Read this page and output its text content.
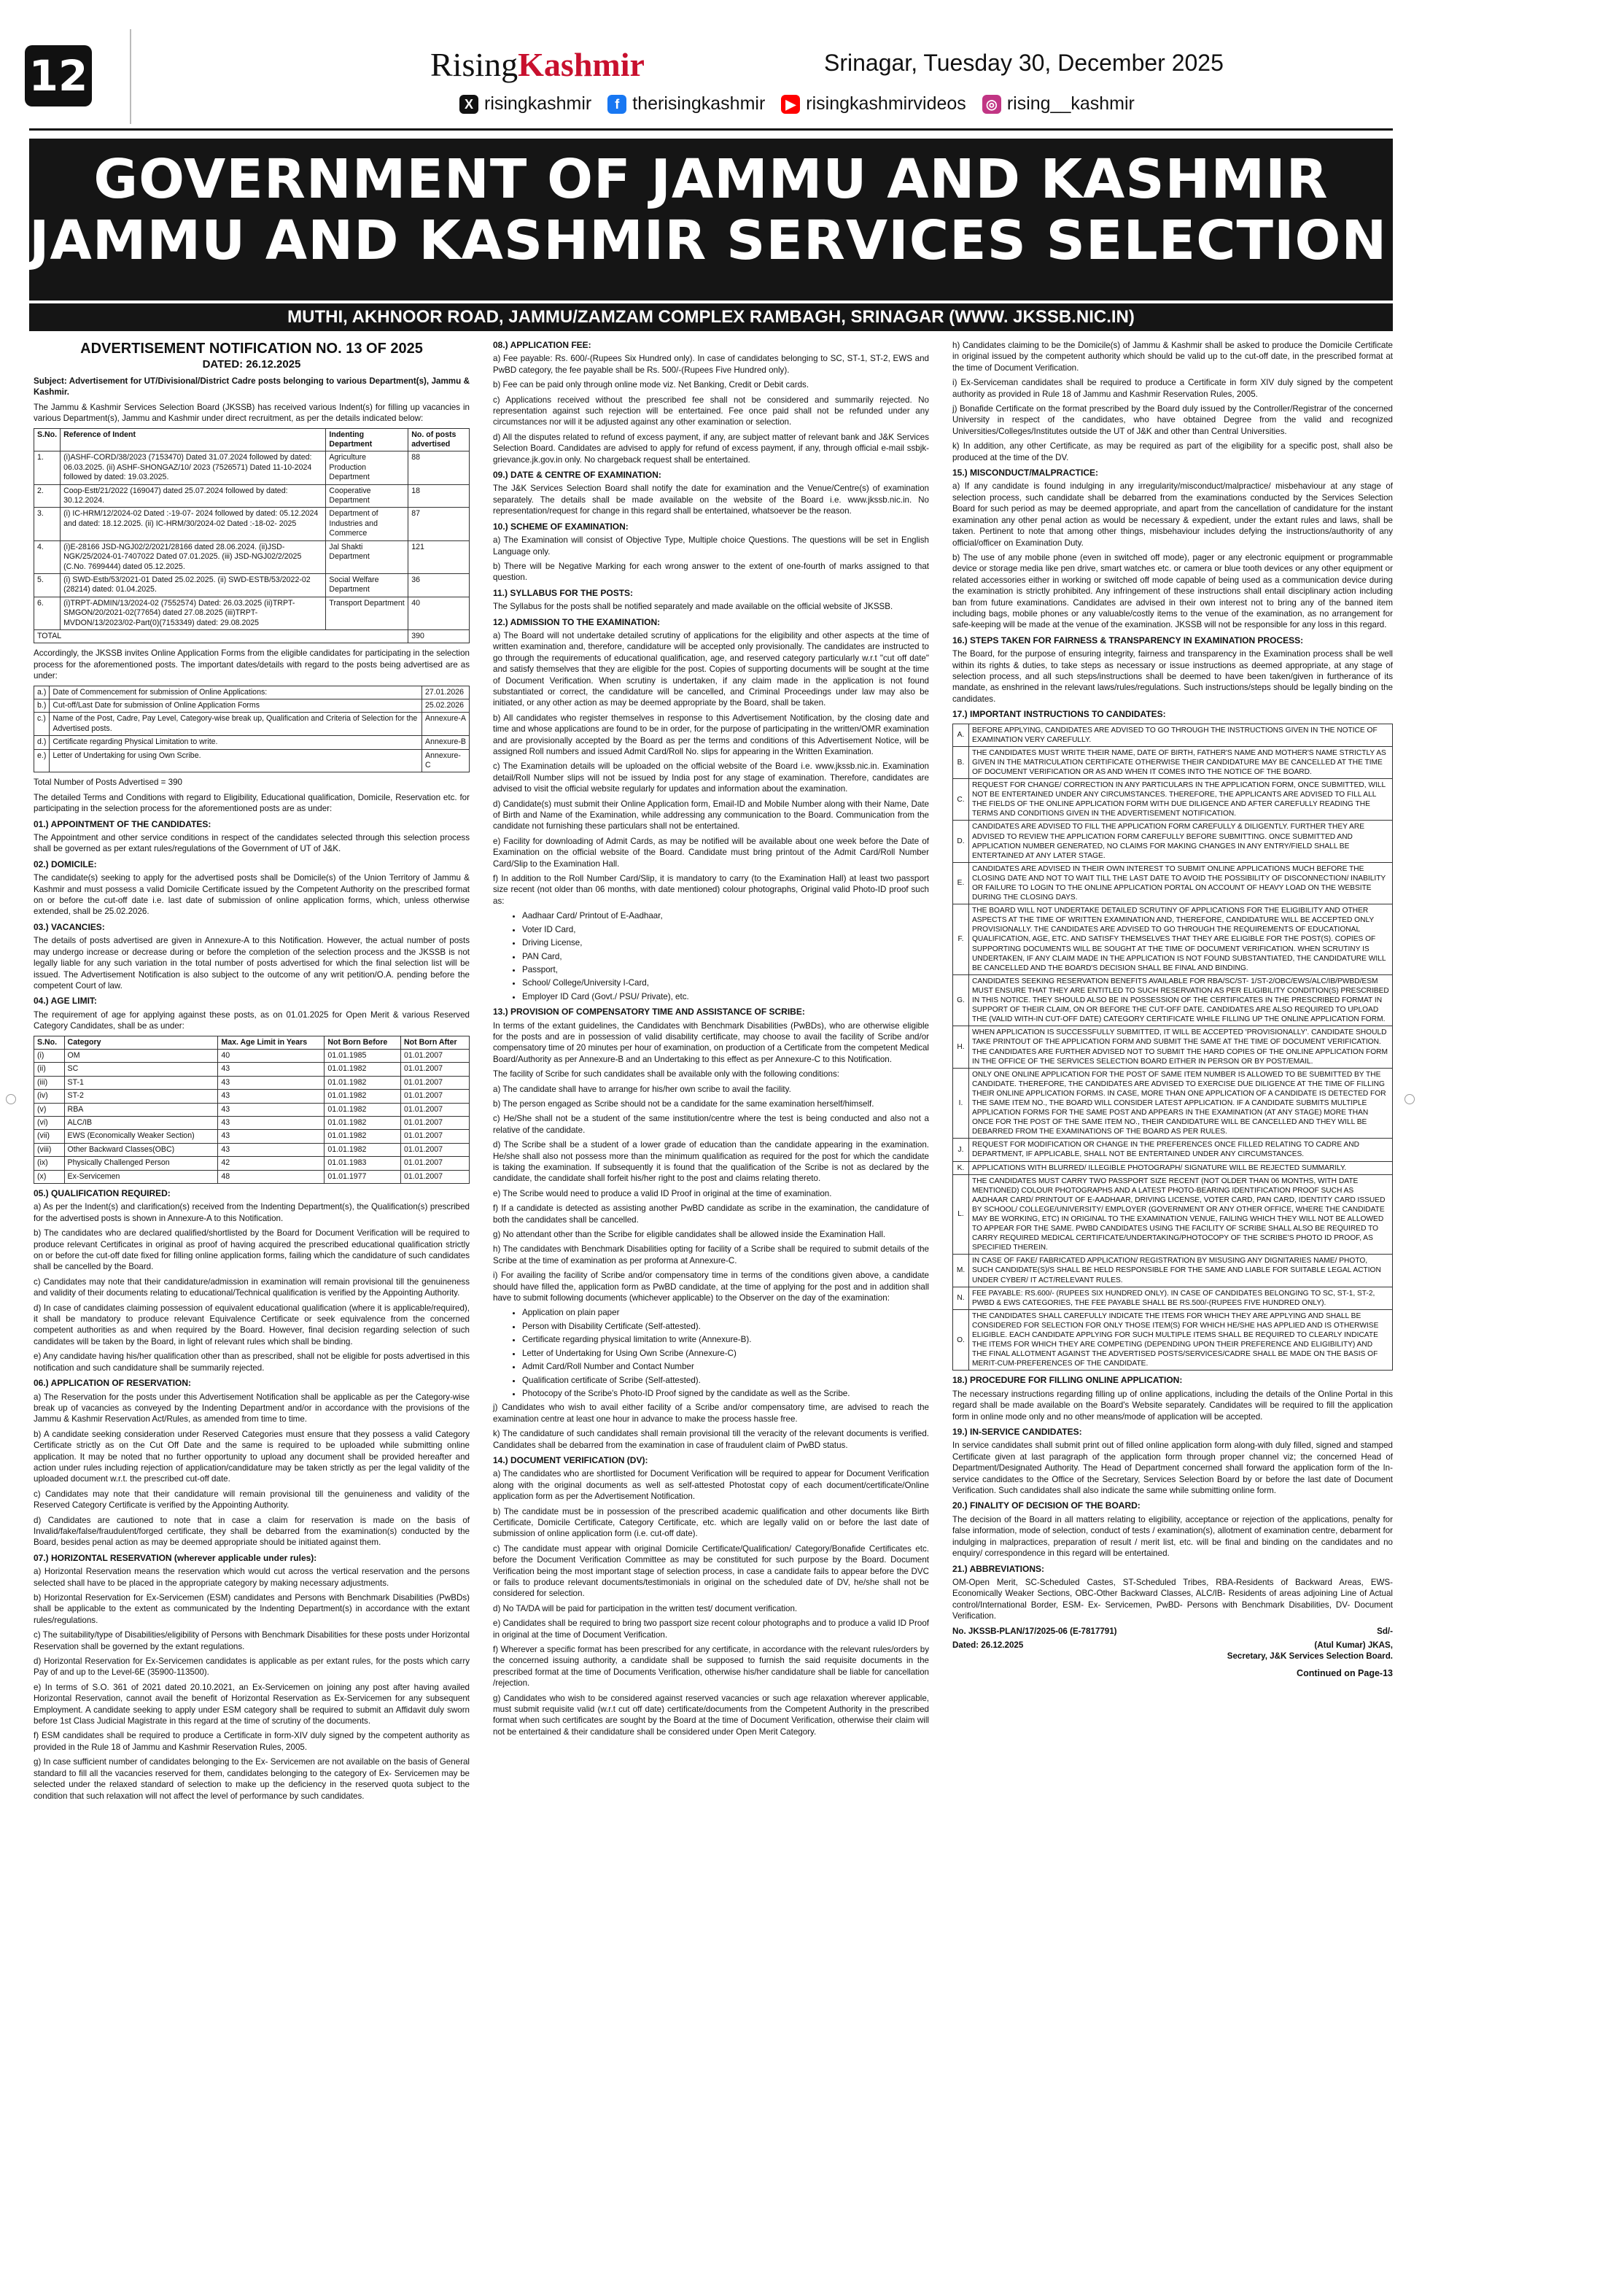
12	RisingKashmir	Srinagar, Tuesday 30, December 2025
X risingkashmir	f therisingkashmir	▶ risingkashmirvideos ◎ rising__kashmir
GOVERNMENT OF JAMMU AND KASHMIR
JAMMU AND KASHMIR SERVICES SELECTION BOARD
MUTHI, AKHNOOR ROAD, JAMMU/ZAMZAM COMPLEX RAMBAGH, SRINAGAR (WWW. JKSSB.NIC.IN)
ADVERTISEMENT NOTIFICATION NO. 13 OF 2025
DATED: 26.12.2025

Subject: Advertisement for UT/Divisional/District Cadre posts belonging to various Department(s), Jammu & Kashmir.

The Jammu & Kashmir Services Selection Board (JKSSB) has received various Indent(s) for filling up vacancies in various Department(s), Jammu and Kashmir under direct recruitment, as per the details indicated below:

S.No.	Reference of Indent	Indenting Department	No. of posts advertised
1.	(i)ASHF-CORD/38/2023 (7153470) Dated 31.07.2024 followed by dated: 06.03.2025. (ii) ASHF-SHONGAZ/10/ 2023 (7526571) Dated 11-10-2024 followed by dated: 19.03.2025.	Agriculture Production Department	88
2.	Coop-Estt/21/2022 (169047) dated 25.07.2024 followed by dated: 30.12.2024.	Cooperative Department	18
3.	(i) IC-HRM/12/2024-02 Dated :-19-07- 2024 followed by dated: 05.12.2024 and dated: 18.12.2025. (ii) IC-HRM/30/2024-02 Dated :-18-02- 2025	Department of Industries and Commerce	87
4.	(i)E-28166 JSD-NGJ02/2/2021/28166 dated 28.06.2024. (ii)JSD-NGK/25/2024-01-7407022 Dated 07.01.2025. (iii) JSD-NGJ02/2/2025 (C.No. 7699444) dated 05.12.2025.	Jal Shakti Department	121
5.	(i) SWD-Estb/53/2021-01 Dated 25.02.2025. (ii) SWD-ESTB/53/2022-02 (28214) dated: 01.04.2025.	Social Welfare Department	36
6.	(i)TRPT-ADMIN/13/2024-02 (7552574) Dated: 26.03.2025 (ii)TRPT-SMGON/20/2021-02(77654) dated 27.08.2025 (iii)TRPT-MVDON/13/2023/02-Part(0)(7153349) dated: 29.08.2025	Transport Department	40
TOTAL			390

Accordingly, the JKSSB invites Online Application Forms from the eligible candidates for participating in the selection process for the aforementioned posts. The important dates/details with regard to the posts being advertised are as under:

a.)	Date of Commencement for submission of Online Applications:	27.01.2026
b.)	Cut-off/Last Date for submission of Online Application Forms	25.02.2026
c.)	Name of the Post, Cadre, Pay Level, Category-wise break up, Qualification and Criteria of Selection for the Advertised posts.	Annexure-A
d.)	Certificate regarding Physical Limitation to write.	Annexure-B
e.)	Letter of Undertaking for using Own Scribe.	Annexure-C

Total Number of Posts Advertised = 390

The detailed Terms and Conditions with regard to Eligibility, Educational qualification, Domicile, Reservation etc. for participating in the selection process for the aforementioned posts are as under:

01.) APPOINTMENT OF THE CANDIDATES:

The Appointment and other service conditions in respect of the candidates selected through this selection process shall be governed as per extant rules/regulations of the Government of UT of J&K.

02.) DOMICILE:

The candidate(s) seeking to apply for the advertised posts shall be Domicile(s) of the Union Territory of Jammu & Kashmir and must possess a valid Domicile Certificate issued by the Competent Authority on the prescribed format on or before the cut-off date i.e. last date of submission of online application forms, which, unless otherwise extended, shall be 25.02.2026.

03.) VACANCIES:

The details of posts advertised are given in Annexure-A to this Notification. However, the actual number of posts may undergo increase or decrease during or before the completion of the selection process and the JKSSB is not legally liable for any such variation in the total number of posts advertised for which the final selection list will be issued. The Advertisement Notification is also subject to the outcome of any writ petition/O.A. pending before the competent Court of law.

04.) AGE LIMIT:

The requirement of age for applying against these posts, as on 01.01.2025 for Open Merit & various Reserved Category Candidates, shall be as under:

S.No.	Category	Max. Age Limit in Years	Not Born Before	Not Born After
(i)	OM	40	01.01.1985	01.01.2007
(ii)	SC	43	01.01.1982	01.01.2007
(iii)	ST-1	43	01.01.1982	01.01.2007
(iv)	ST-2	43	01.01.1982	01.01.2007
(v)	RBA	43	01.01.1982	01.01.2007
(vi)	ALC/IB	43	01.01.1982	01.01.2007
(vii)	EWS (Economically Weaker Section)	43	01.01.1982	01.01.2007
(viii)	Other Backward Classes(OBC)	43	01.01.1982	01.01.2007
(ix)	Physically Challenged Person	42	01.01.1983	01.01.2007
(x)	Ex-Servicemen	48	01.01.1977	01.01.2007
05.) QUALIFICATION REQUIRED:

a) As per the Indent(s) and clarification(s) received from the Indenting Department(s), the Qualification(s) prescribed for the advertised posts is shown in Annexure-A to this Notification.

b) The candidates who are declared qualified/shortlisted by the Board for Document Verification will be required to produce relevant Certificates in original as proof of having acquired the prescribed educational qualification strictly on or before the cut-off date fixed for filling online application forms, failing which the candidature of such candidates shall be cancelled by the Board.

c) Candidates may note that their candidature/admission in examination will remain provisional till the genuineness and validity of their documents relating to educational/Technical qualification is verified by the Appointing Authority.

d) In case of candidates claiming possession of equivalent educational qualification (where it is applicable/required), it shall be mandatory to produce relevant Equivalence Certificate or seek equivalence from the concerned competent authorities as and when required by the Board. However, final decision regarding selection of such candidates will be taken by the Board, in light of relevant rules which shall be binding.

e) Any candidate having his/her qualification other than as prescribed, shall not be eligible for posts advertised in this notification and such candidature shall be summarily rejected.

06.) APPLICATION OF RESERVATION:

a) The Reservation for the posts under this Advertisement Notification shall be applicable as per the Category-wise break up of vacancies as conveyed by the Indenting Department and/or in accordance with the provisions of the Jammu & Kashmir Reservation Act/Rules, as amended from time to time.

b) A candidate seeking consideration under Reserved Categories must ensure that they possess a valid Category Certificate strictly as on the Cut Off Date and the same is required to be uploaded while submitting online application. It may be noted that no further opportunity to upload any document shall be provided hereafter and action under rules including rejection of application/candidature may be taken strictly as per the legal validity of the uploaded document w.r.t. the prescribed cut-off date.

c) Candidates may note that their candidature will remain provisional till the genuineness and validity of the Reserved Category Certificate is verified by the Appointing Authority.

d) Candidates are cautioned to note that in case a claim for reservation is made on the basis of Invalid/fake/false/fraudulent/forged certificate, they shall be debarred from the examination(s) conducted by the Board, besides penal action as may be deemed appropriate should be initiated against them.

07.) HORIZONTAL RESERVATION (wherever applicable under rules):

a) Horizontal Reservation means the reservation which would cut across the vertical reservation and the persons selected shall have to be placed in the appropriate category by making necessary adjustments.

b) Horizontal Reservation for Ex-Servicemen (ESM) candidates and Persons with Benchmark Disabilities (PwBDs) shall be applicable to the extent as communicated by the Indenting Department(s) in accordance with the extant rules/regulations.

c) The suitability/type of Disabilities/eligibility of Persons with Benchmark Disabilities for these posts under Horizontal Reservation shall be governed by the extant regulations.

d) Horizontal Reservation for Ex-Servicemen candidates is applicable as per extant rules, for the posts which carry Pay of and up to the Level-6E (35900-113500).

e) In terms of S.O. 361 of 2021 dated 20.10.2021, an Ex-Servicemen on joining any post after having availed Horizontal Reservation, cannot avail the benefit of Horizontal Reservation as Ex-Servicemen for any subsequent Employment. A candidate seeking to apply under ESM category shall be required to submit an Affidavit duly sworn before 1st Class Judicial Magistrate in this regard at the time of scrutiny of the documents.

f) ESM candidates shall be required to produce a Certificate in form-XIV duly signed by the competent authority as provided in the Rule 18 of Jammu and Kashmir Reservation Rules, 2005.

g) In case sufficient number of candidates belonging to the Ex- Servicemen are not available on the basis of General standard to fill all the vacancies reserved for them, candidates belonging to the category of Ex- Servicemen may be selected under the relaxed standard of selection to make up the deficiency in the reserved quota subject to the condition that such relaxation will not affect the level of performance by such candidates.

08.) APPLICATION FEE:

a) Fee payable: Rs. 600/-(Rupees Six Hundred only). In case of candidates belonging to SC, ST-1, ST-2, EWS and PwBD category, the fee payable shall be Rs. 500/-(Rupees Five Hundred only).

b) Fee can be paid only through online mode viz. Net Banking, Credit or Debit cards.

c) Applications received without the prescribed fee shall not be considered and summarily rejected. No representation against such rejection will be entertained. Fee once paid shall not be refunded under any circumstances nor will it be adjusted against any other examination or selection.

d) All the disputes related to refund of excess payment, if any, are subject matter of relevant bank and J&K Services Selection Board. Candidates are advised to apply for refund of excess payment, if any, through official e-mail ssbjk-grievance.jk.gov.in only. No chargeback request shall be entertained.

09.) DATE & CENTRE OF EXAMINATION:

The J&K Services Selection Board shall notify the date for examination and the Venue/Centre(s) of examination separately. The details shall be made available on the website of the Board i.e. www.jkssb.nic.in. No representation/request for change in this regard shall be entertained, whatsoever be the reason.

10.) SCHEME OF EXAMINATION:

a) The Examination will consist of Objective Type, Multiple choice Questions. The questions will be set in English Language only.

b) There will be Negative Marking for each wrong answer to the extent of one-fourth of marks assigned to that question.

11.) SYLLABUS FOR THE POSTS:

The Syllabus for the posts shall be notified separately and made available on the official website of JKSSB.

12.) ADMISSION TO THE EXAMINATION:

a) The Board will not undertake detailed scrutiny of applications for the eligibility and other aspects at the time of written examination and, therefore, candidature will be accepted only provisionally. The candidates are instructed to go through the requirements of educational qualification, age, and reserved category particularly w.r.t "cut off date" and satisfy themselves that they are eligible for the post. Copies of supporting documents will be sought at the time of Document Verification. When scrutiny is undertaken, if any claim made in the application is not found substantiated or correct, the candidature will be cancelled, and Criminal Proceedings under law may also be initiated, or any other action as may be deemed appropriate by the Board, shall be taken.

b) All candidates who register themselves in response to this Advertisement Notification, by the closing date and time and whose applications are found to be in order, for the purpose of participating in the written/OMR examination and are provisionally accepted by the Board as per the terms and conditions of this Advertisement Notice, will be assigned Roll numbers and issued Admit Card/Roll No. slips for appearing in the Written Examination.

c) The Examination details will be uploaded on the official website of the Board i.e. www.jkssb.nic.in. Examination detail/Roll Number slips will not be issued by India post for any stage of examination. Therefore, candidates are advised to visit the official website regularly for updates and information about the examination.

d) Candidate(s) must submit their Online Application form, Email-ID and Mobile Number along with their Name, Date of Birth and Name of the Examination, while addressing any communication to the Board. Communication from the candidate not furnishing these particulars shall not be entertained.

e) Facility for downloading of Admit Cards, as may be notified will be available about one week before the Date of Examination on the official website of the Board. Candidate must bring printout of the Admit Card/Roll Number Card/Slip to the Examination Hall.

f) In addition to the Roll Number Card/Slip, it is mandatory to carry (to the Examination Hall) at least two passport size recent (not older than 06 months, with date mentioned) colour photographs, Original valid Photo-ID proof such as:

• Aadhaar Card/ Printout of E-Aadhaar,
• Voter ID Card,
• Driving License,
• PAN Card,
• Passport,
• School/ College/University I-Card,
• Employer ID Card (Govt./ PSU/ Private), etc.
13.) PROVISION OF COMPENSATORY TIME AND ASSISTANCE OF SCRIBE:

In terms of the extant guidelines, the Candidates with Benchmark Disabilities (PwBDs), who are otherwise eligible for the posts and are in possession of valid disability certificate, may choose to avail the facility of Scribe and/or compensatory time of 20 minutes per hour of examination, on production of a Certificate from the competent Medical Board/Authority as per Annexure-B and an Undertaking to this effect as per Annexure-C to this Notification.

The facility of Scribe for such candidates shall be available only with the following conditions:

a) The candidate shall have to arrange for his/her own scribe to avail the facility.

b) The person engaged as Scribe should not be a candidate for the same examination herself/himself.

c) He/She shall not be a student of the same institution/centre where the test is being conducted and also not a relative of the candidate.

d) The Scribe shall be a student of a lower grade of education than the candidate appearing in the examination. He/she shall also not possess more than the minimum qualification as required for the post for which the candidate is taking the examination. If subsequently it is found that the qualification of the Scribe is not as declared by the candidate, the candidate shall forfeit his/her right to the post and claims relating thereto.

e) The Scribe would need to produce a valid ID Proof in original at the time of examination.

f) If a candidate is detected as assisting another PwBD candidate as scribe in the examination, the candidature of both the candidates shall be cancelled.

g) No attendant other than the Scribe for eligible candidates shall be allowed inside the Examination Hall.

h) The candidates with Benchmark Disabilities opting for facility of a Scribe shall be required to submit details of the Scribe at the time of examination as per proforma at Annexure-C.

i) For availing the facility of Scribe and/or compensatory time in terms of the conditions given above, a candidate should have filled the, application form as PwBD candidate, at the time of applying for the post and in addition shall have to submit following documents (whichever applicable) to the Observer on the day of the examination:

• Application on plain paper
• Person with Disability Certificate (Self-attested).
• Certificate regarding physical limitation to write (Annexure-B).
• Letter of Undertaking for Using Own Scribe (Annexure-C)
• Admit Card/Roll Number and Contact Number
• Qualification certificate of Scribe (Self-attested).
• Photocopy of the Scribe's Photo-ID Proof signed by the candidate as well as the Scribe.

j) Candidates who wish to avail either facility of a Scribe and/or compensatory time, are advised to reach the examination centre at least one hour in advance to make the process hassle free.

k) The candidature of such candidates shall remain provisional till the veracity of the relevant documents is verified. Candidates shall be debarred from the examination in case of fraudulent claim of PwBD status.

14.) DOCUMENT VERIFICATION (DV):

a) The candidates who are shortlisted for Document Verification will be required to appear for Document Verification along with the original documents as well as self-attested Photostat copy of each document/certificate/Online application form as per the Advertisement Notification.

b) The candidate must be in possession of the prescribed academic qualification and other documents like Birth Certificate, Domicile Certificate, Category Certificate, etc. which are legally valid on or before the last date of submission of online application form (i.e. cut-off date).

c) The candidate must appear with original Domicile Certificate/Qualification/ Category/Bonafide Certificates etc. before the Document Verification Committee as may be constituted for such purpose by the Board. Document Verification being the most important stage of selection process, in case a candidate fails to appear before the DVC or fails to produce relevant documents/testimonials in original on the scheduled date of DV, he/she shall not be considered for selection.

d) No TA/DA will be paid for participation in the written test/ document verification.

e) Candidates shall be required to bring two passport size recent colour photographs and to produce a valid ID Proof in original at the time of Document Verification.

f) Wherever a specific format has been prescribed for any certificate, in accordance with the relevant rules/orders by the concerned issuing authority, a candidate shall be supposed to furnish the said requisite documents in the prescribed format at the time of Documents Verification, otherwise his/her candidature shall be liable for cancellation /rejection.

g) Candidates who wish to be considered against reserved vacancies or such age relaxation wherever applicable, must submit requisite valid (w.r.t cut off date) certificate/documents from the Competent Authority in the prescribed format when such certificates are sought by the Board at the time of Document Verification, otherwise their claim will not be entertained & their candidature shall be considered under Open Merit Category.

h) Candidates claiming to be the Domicile(s) of Jammu & Kashmir shall be asked to produce the Domicile Certificate in original issued by the competent authority which should be valid up to the cut-off date, in the prescribed format at the time of Document Verification.

i) Ex-Serviceman candidates shall be required to produce a Certificate in form XIV duly signed by the competent authority as provided in Rule 18 of Jammu and Kashmir Reservation Rules, 2005.

j) Bonafide Certificate on the format prescribed by the Board duly issued by the Controller/Registrar of the concerned University in respect of the candidates, who have obtained Degree from the valid and recognized Universities/Colleges/Institutes outside the UT of J&K and other than Central Universities.

k) In addition, any other Certificate, as may be required as part of the eligibility for a specific post, shall also be produced at the time of the DV.

15.) MISCONDUCT/MALPRACTICE:

a) If any candidate is found indulging in any irregularity/misconduct/malpractice/ misbehaviour at any stage of selection process, such candidate shall be debarred from the examinations conducted by the Services Selection Board for such period as may be deemed appropriate, and apart from the cancellation of candidature for the instant examination any other penal action as would be necessary & expedient, under the extant rules and laws, shall be taken. Pertinent to note that among other things, misbehaviour includes defying the instructions/authority of any official/officer on Examination Duty.

b) The use of any mobile phone (even in switched off mode), pager or any electronic equipment or programmable device or storage media like pen drive, smart watches etc. or camera or blue tooth devices or any other equipment or related accessories either in working or switched off mode capable of being used as a communication device during the examination is strictly prohibited. Any infringement of these instructions shall entail disciplinary action including ban from future examinations. Candidates are advised in their own interest not to bring any of the banned item including bags, mobile phones or any valuable/costly items to the venue of the examination, as no arrangement for safe-keeping will be made at the venue of the examination. JKSSB will not be responsible for any loss in this regard.

16.) STEPS TAKEN FOR FAIRNESS & TRANSPARENCY IN EXAMINATION PROCESS:

The Board, for the purpose of ensuring integrity, fairness and transparency in the Examination process shall be well within its rights & duties, to take steps as necessary or issue instructions as deemed appropriate, at any stage of selection process, and all such steps/instructions shall be deemed to have been taken/given in furtherance of its mandate, as enshrined in the relevant laws/rules/regulations. Such instructions/steps should be legally binding on the candidates.

17.) IMPORTANT INSTRUCTIONS TO CANDIDATES:
A.	BEFORE APPLYING, CANDIDATES ARE ADVISED TO GO THROUGH THE INSTRUCTIONS GIVEN IN THE NOTICE OF EXAMINATION VERY CAREFULLY.
B.	THE CANDIDATES MUST WRITE THEIR NAME, DATE OF BIRTH, FATHER'S NAME AND MOTHER'S NAME STRICTLY AS GIVEN IN THE MATRICULATION CERTIFICATE OTHERWISE THEIR CANDIDATURE MAY BE CANCELLED AT THE TIME OF DOCUMENT VERIFICATION OR AS AND WHEN IT COMES INTO THE NOTICE OF THE BOARD.
C.	REQUEST FOR CHANGE/ CORRECTION IN ANY PARTICULARS IN THE APPLICATION FORM, ONCE SUBMITTED, WILL NOT BE ENTERTAINED UNDER ANY CIRCUMSTANCES. THEREFORE, THE APPLICANTS ARE ADVISED TO FILL ALL THE FIELDS OF THE ONLINE APPLICATION FORM WITH DUE DILIGENCE AND AFTER CAREFULLY READING THE TERMS AND CONDITIONS GIVEN IN THE ADVERTISEMENT NOTIFICATION.
D.	CANDIDATES ARE ADVISED TO FILL THE APPLICATION FORM CAREFULLY & DILIGENTLY. FURTHER THEY ARE ADVISED TO REVIEW THE APPLICATION FORM CAREFULLY BEFORE SUBMITTING. ONCE SUBMITTED AND APPLICATION NUMBER GENERATED, NO CLAIMS FOR MAKING CHANGES IN ANY ENTRY/FIELD SHALL BE ENTERTAINED AT ANY LATER STAGE.
E.	CANDIDATES ARE ADVISED IN THEIR OWN INTEREST TO SUBMIT ONLINE APPLICATIONS MUCH BEFORE THE CLOSING DATE AND NOT TO WAIT TILL THE LAST DATE TO AVOID THE POSSIBILITY OF DISCONNECTION/ INABILITY OR FAILURE TO LOGIN TO THE ONLINE APPLICATION PORTAL ON ACCOUNT OF HEAVY LOAD ON THE WEBSITE DURING THE CLOSING DAYS.
F.	THE BOARD WILL NOT UNDERTAKE DETAILED SCRUTINY OF APPLICATIONS FOR THE ELIGIBILITY AND OTHER ASPECTS AT THE TIME OF WRITTEN EXAMINATION AND, THEREFORE, CANDIDATURE WILL BE ACCEPTED ONLY PROVISIONALLY. THE CANDIDATES ARE ADVISED TO GO THROUGH THE REQUIREMENTS OF EDUCATIONAL QUALIFICATION, AGE, ETC. AND SATISFY THEMSELVES THAT THEY ARE ELIGIBLE FOR THE POST(S). COPIES OF SUPPORTING DOCUMENTS WILL BE SOUGHT AT THE TIME OF DOCUMENT VERIFICATION. WHEN SCRUTINY IS UNDERTAKEN, IF ANY CLAIM MADE IN THE APPLICATION IS NOT FOUND SUBSTANTIATED, THE CANDIDATURE WILL BE CANCELLED AND THE BOARD'S DECISION SHALL BE FINAL AND BINDING.
G.	CANDIDATES SEEKING RESERVATION BENEFITS AVAILABLE FOR RBA/SC/ST- 1/ST-2/OBC/EWS/ALC/IB/PWBD/ESM MUST ENSURE THAT THEY ARE ENTITLED TO SUCH RESERVATION AS PER ELIGIBILITY CONDITION(S) PRESCRIBED IN THIS NOTICE. THEY SHOULD ALSO BE IN POSSESSION OF THE CERTIFICATES IN THE PRESCRIBED FORMAT IN SUPPORT OF THEIR CLAIM, ON OR BEFORE THE CUT-OFF DATE. CANDIDATES ARE ALSO REQUIRED TO UPLOAD THE (VALID WITH-IN CUT-OFF DATE) CATEGORY CERTIFICATE WHILE FILLING UP THE ONLINE APPLICATION FORM.
H.	WHEN APPLICATION IS SUCCESSFULLY SUBMITTED, IT WILL BE ACCEPTED 'PROVISIONALLY'. CANDIDATE SHOULD TAKE PRINTOUT OF THE APPLICATION FORM AND SUBMIT THE SAME AT THE TIME OF DOCUMENT VERIFICATION. THE CANDIDATES ARE FURTHER ADVISED NOT TO SUBMIT THE HARD COPIES OF THE ONLINE APPLICATION FORM IN THE OFFICE OF THE SERVICES SELECTION BOARD EITHER IN PERSON OR BY POST/EMAIL.
I.	ONLY ONE ONLINE APPLICATION FOR THE POST OF SAME ITEM NUMBER IS ALLOWED TO BE SUBMITTED BY THE CANDIDATE. THEREFORE, THE CANDIDATES ARE ADVISED TO EXERCISE DUE DILIGENCE AT THE TIME OF FILLING THEIR ONLINE APPLICATION FORMS. IN CASE, MORE THAN ONE APPLICATION OF A CANDIDATE IS DETECTED FOR THE SAME ITEM NO., THE BOARD WILL CONSIDER LATEST APPLICATION. IF A CANDIDATE SUBMITS MULTIPLE APPLICATION FORMS FOR THE SAME POST AND APPEARS IN THE EXAMINATION (AT ANY STAGE) MORE THAN ONCE FOR THE POST OF THE SAME ITEM NO., THEIR CANDIDATURE WILL BE CANCELLED AND THEY WILL BE DEBARRED FROM THE EXAMINATIONS OF THE BOARD AS PER RULES.
J.	REQUEST FOR MODIFICATION OR CHANGE IN THE PREFERENCES ONCE FILLED RELATING TO CADRE AND DEPARTMENT, IF APPLICABLE, SHALL NOT BE ENTERTAINED UNDER ANY CIRCUMSTANCES.
K.	APPLICATIONS WITH BLURRED/ ILLEGIBLE PHOTOGRAPH/ SIGNATURE WILL BE REJECTED SUMMARILY.
L.	THE CANDIDATES MUST CARRY TWO PASSPORT SIZE RECENT (NOT OLDER THAN 06 MONTHS, WITH DATE MENTIONED) COLOUR PHOTOGRAPHS AND A LATEST PHOTO-BEARING IDENTIFICATION PROOF SUCH AS AADHAAR CARD/ PRINTOUT OF E-AADHAAR, DRIVING LICENSE, VOTER CARD, PAN CARD, IDENTITY CARD ISSUED BY SCHOOL/ COLLEGE/UNIVERSITY/ EMPLOYER (GOVERNMENT OR ANY OTHER OFFICE, WHERE THE CANDIDATE MAY BE WORKING, ETC) IN ORIGINAL TO THE EXAMINATION VENUE, FAILING WHICH THEY WILL NOT BE ALLOWED TO APPEAR FOR THE SAME. PWBD CANDIDATES USING THE FACILITY OF SCRIBE SHALL ALSO BE REQUIRED TO CARRY REQUIRED MEDICAL CERTIFICATE/UNDERTAKING/PHOTOCOPY OF THE SCRIBE'S PHOTO ID PROOF, AS SPECIFIED THEREIN.
M.	IN CASE OF FAKE/ FABRICATED APPLICATION/ REGISTRATION BY MISUSING ANY DIGNITARIES NAME/ PHOTO, SUCH CANDIDATE(S)/S SHALL BE HELD RESPONSIBLE FOR THE SAME AND LIABLE FOR SUITABLE LEGAL ACTION UNDER CYBER/ IT ACT/RELEVANT RULES.
N.	FEE PAYABLE: RS.600/- (RUPEES SIX HUNDRED ONLY). IN CASE OF CANDIDATES BELONGING TO SC, ST-1, ST-2, PWBD & EWS CATEGORIES, THE FEE PAYABLE SHALL BE RS.500/-(RUPEES FIVE HUNDRED ONLY).
O.	THE CANDIDATES SHALL CAREFULLY INDICATE THE ITEMS FOR WHICH THEY ARE APPLYING AND SHALL BE CONSIDERED FOR SELECTION FOR ONLY THOSE ITEM(S) FOR WHICH HE/SHE HAS APPLIED AND IS OTHERWISE ELIGIBLE. EACH CANDIDATE APPLYING FOR SUCH MULTIPLE ITEMS SHALL BE REQUIRED TO CLEARLY INDICATE THE ITEMS FOR WHICH THEY ARE COMPETING (DEPENDING UPON THEIR PREFERENCE AND ELIGIBILITY) AND THE FINAL ALLOTMENT AGAINST THE ADVERTISED POSTS/SERVICES/CADRE SHALL BE MADE ON THE BASIS OF MERIT-CUM-PREFERENCES OF THE CANDIDATE.
18.) PROCEDURE FOR FILLING ONLINE APPLICATION:

The necessary instructions regarding filling up of online applications, including the details of the Online Portal in this regard shall be made available on the Board's Website separately. Candidates will be required to fill the application form in online mode only and no other means/mode of application will be accepted.

19.) IN-SERVICE CANDIDATES:

In service candidates shall submit print out of filled online application form along-with duly filled, signed and stamped Certificate given at last paragraph of the application form through proper channel viz; the concerned Head of Department/Designated Authority. The Head of Department concerned shall forward the application form of the In-service candidates to the Office of the Secretary, Services Selection Board by or before the last date of Document Verification. Such candidates shall also indicate the same while submitting online form.

20.) FINALITY OF DECISION OF THE BOARD:

The decision of the Board in all matters relating to eligibility, acceptance or rejection of the applications, penalty for false information, mode of selection, conduct of tests / examination(s), allotment of examination centre, debarment for indulging in malpractices, preparation of result / merit list, etc. will be final and binding on the candidates and no enquiry/ correspondence in this regard will be entertained.

21.) ABBREVIATIONS:

OM-Open Merit, SC-Scheduled Castes, ST-Scheduled Tribes, RBA-Residents of Backward Areas, EWS-Economically Weaker Sections, OBC-Other Backward Classes, ALC/IB- Residents of areas adjoining Line of Actual control/International Border, ESM- Ex- Servicemen, PwBD- Persons with Benchmark Disabilities, DV- Document Verification.

No. JKSSB-PLAN/17/2025-06 (E-7817791)	Sd/-
Dated: 26.12.2025	(Atul Kumar) JKAS,
Secretary, J&K Services Selection Board.
Continued on Page-13
